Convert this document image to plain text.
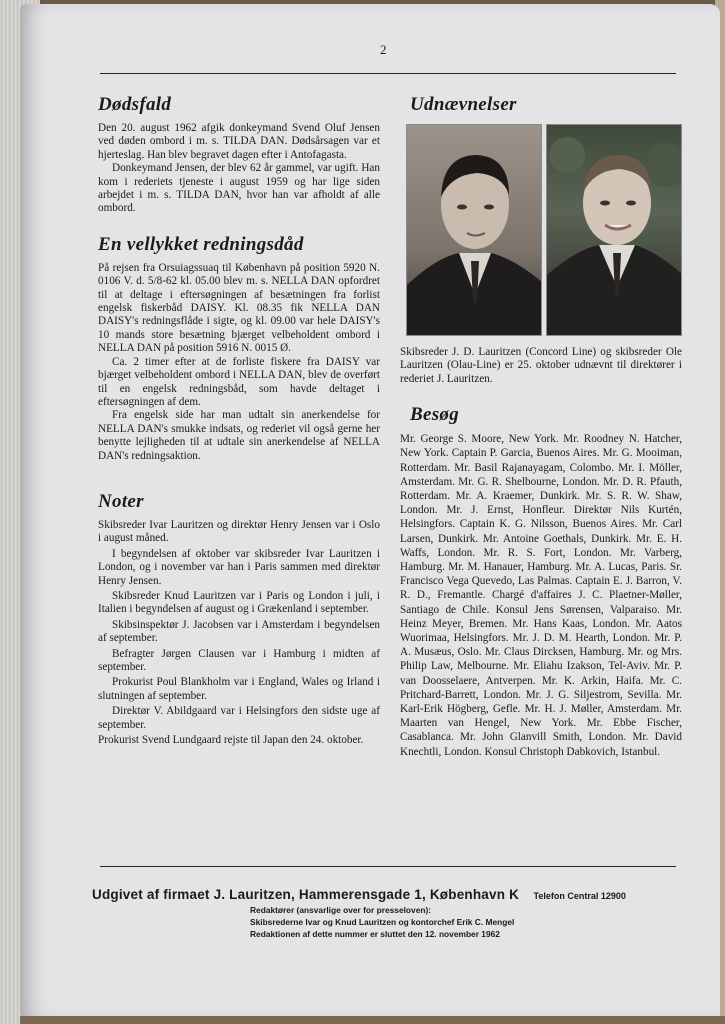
2
Dødsfald

Den 20. august 1962 afgik donkeymand Svend Oluf Jensen ved døden ombord i m. s. TILDA DAN. Dødsårsagen var et hjerteslag. Han blev begravet dagen efter i Antofagasta.

Donkeymand Jensen, der blev 62 år gammel, var ugift. Han kom i rederiets tjeneste i august 1959 og har lige siden arbejdet i m. s. TILDA DAN, hvor han var afholdt af alle ombord.

En vellykket redningsdåd

På rejsen fra Orsuiagssuaq til København på position 5920 N. 0106 V. d. 5/8-62 kl. 05.00 blev m. s. NELLA DAN opfordret til at deltage i eftersøgningen af besætningen fra forlist engelsk fiskerbåd DAISY. Kl. 08.35 fik NELLA DAN DAISY's redningsflåde i sigte, og kl. 09.00 var hele DAISY's 10 mands store besætning bjærget velbeholdent ombord i NELLA DAN på position 5916 N. 0015 Ø.

Ca. 2 timer efter at de forliste fiskere fra DAISY var bjærget velbeholdent ombord i NELLA DAN, blev de overført til en engelsk redningsbåd, som havde deltaget i eftersøgningen af dem.

Fra engelsk side har man udtalt sin anerkendelse for NELLA DAN's smukke indsats, og rederiet vil også gerne her benytte lejligheden til at udtale sin anerkendelse af NELLA DAN's redningsaktion.

Noter

Skibsreder Ivar Lauritzen og direktør Henry Jensen var i Oslo i august måned.

I begyndelsen af oktober var skibsreder Ivar Lauritzen i London, og i november var han i Paris sammen med direktør Henry Jensen.

Skibsreder Knud Lauritzen var i Paris og London i juli, i Italien i begyndelsen af august og i Grækenland i september.

Skibsinspektør J. Jacobsen var i Amsterdam i begyndelsen af september.

Befragter Jørgen Clausen var i Hamburg i midten af september.

Prokurist Poul Blankholm var i England, Wales og Irland i slutningen af september.

Direktør V. Abildgaard var i Helsingfors den sidste uge af september.

Prokurist Svend Lundgaard rejste til Japan den 24. oktober.

Udnævnelser

Skibsreder J. D. Lauritzen (Concord Line) og skibsreder Ole Lauritzen (Olau-Line) er 25. oktober udnævnt til direktører i rederiet J. Lauritzen.

Besøg

Mr. George S. Moore, New York. Mr. Roodney N. Hatcher, New York. Captain P. Garcia, Buenos Aires. Mr. G. Mooiman, Rotterdam. Mr. Basil Rajanayagam, Colombo. Mr. I. Möller, Amsterdam. Mr. G. R. Shelbourne, London. Mr. D. R. Pfauth, Rotterdam. Mr. A. Kraemer, Dunkirk. Mr. S. R. W. Shaw, London. Mr. J. Ernst, Honfleur. Direktør Nils Kurtén, Helsingfors. Captain K. G. Nilsson, Buenos Aires. Mr. Carl Larsen, Dunkirk. Mr. Antoine Goethals, Dunkirk. Mr. E. H. Waffs, London. Mr. R. S. Fort, London. Mr. Varberg, Hamburg. Mr. M. Hanauer, Hamburg. Mr. A. Lucas, Paris. Sr. Francisco Vega Quevedo, Las Palmas. Captain E. J. Barron, V. R. D., Fremantle. Chargé d'affaires J. C. Plaetner-Møller, Santiago de Chile. Konsul Jens Sørensen, Valparaiso. Mr. Heinz Meyer, Bremen. Mr. Hans Kaas, London. Mr. Aatos Wuorimaa, Helsingfors. Mr. J. D. M. Hearth, London. Mr. P. A. Musæus, Oslo. Mr. Claus Dircksen, Hamburg. Mr. og Mrs. Philip Law, Melbourne. Mr. Eliahu Izakson, Tel-Aviv. Mr. P. van Doosselaere, Antverpen. Mr. K. Arkin, Haifa. Mr. C. Pritchard-Barrett, London. Mr. J. G. Siljestrom, Sevilla. Mr. Karl-Erik Högberg, Gefle. Mr. H. J. Møller, Amsterdam. Mr. Maarten van Hengel, New York. Mr. Ebbe Fischer, Casablanca. Mr. John Glanvill Smith, London. Mr. David Knechtli, London. Konsul Christoph Dabkovich, Istanbul.

Udgivet af firmaet J. Lauritzen, Hammerensgade 1, København K Telefon Central 12900
Redaktører (ansvarlige over for presseloven):
Skibsrederne Ivar og Knud Lauritzen og kontorchef Erik C. Mengel
Redaktionen af dette nummer er sluttet den 12. november 1962
